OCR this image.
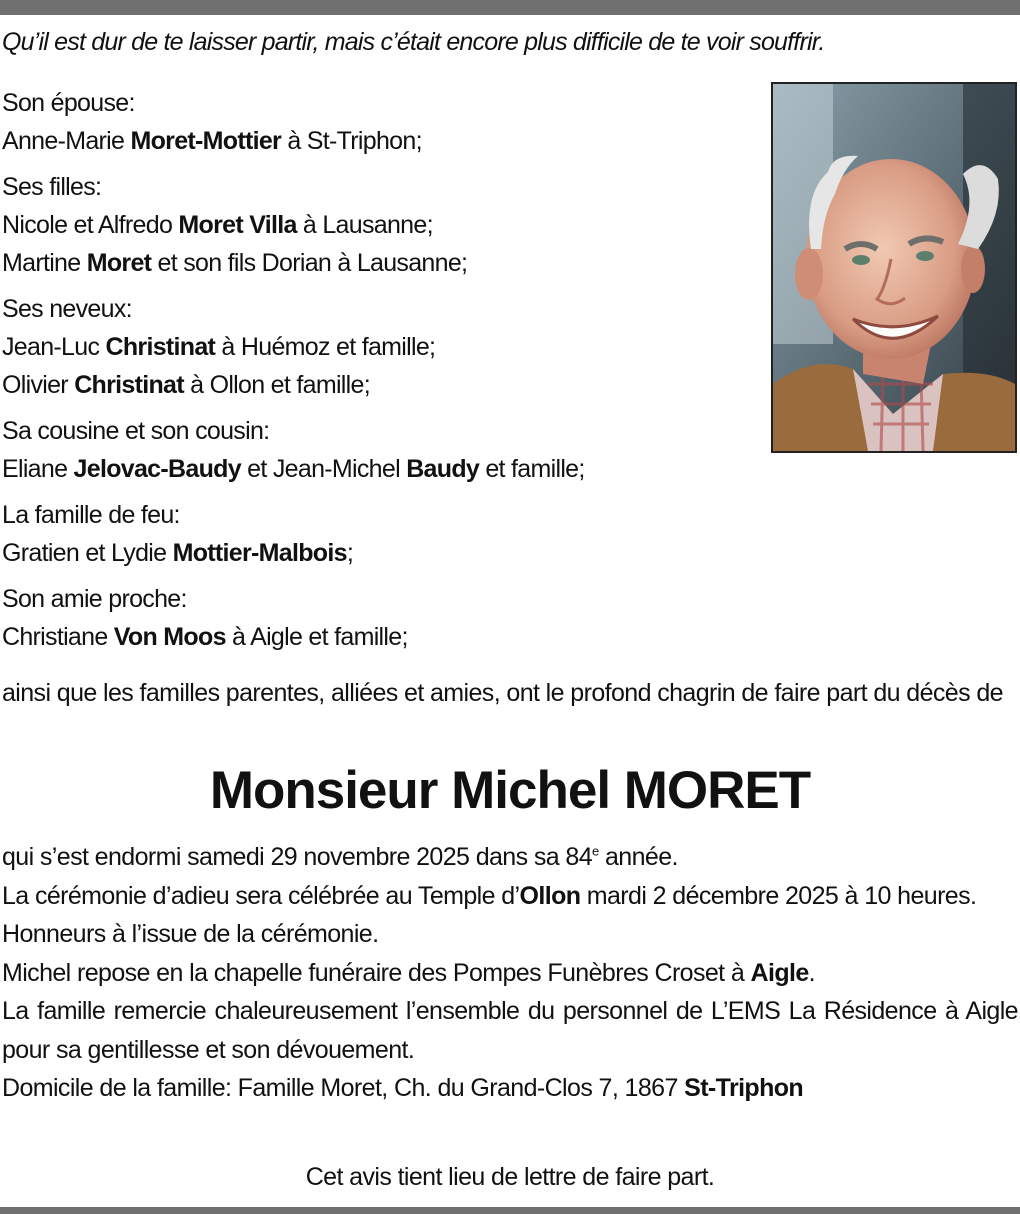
Qu’il est dur de te laisser partir, mais c’était encore plus difficile de te voir souffrir.
Son épouse:
Anne-Marie Moret-Mottier à St-Triphon;
Ses filles:
Nicole et Alfredo Moret Villa à Lausanne;
Martine Moret et son fils Dorian à Lausanne;
Ses neveux:
Jean-Luc Christinat à Huémoz et famille;
Olivier Christinat à Ollon et famille;
Sa cousine et son cousin:
Eliane Jelovac-Baudy et Jean-Michel Baudy et famille;
La famille de feu:
Gratien et Lydie Mottier-Malbois;
Son amie proche:
Christiane Von Moos à Aigle et famille;
ainsi que les familles parentes, alliées et amies, ont le profond chagrin de faire part du décès de
Monsieur Michel MORET
qui s’est endormi samedi 29 novembre 2025 dans sa 84e année.
La cérémonie d’adieu sera célébrée au Temple d’Ollon mardi 2 décembre 2025 à 10 heures.
Honneurs à l’issue de la cérémonie.
Michel repose en la chapelle funéraire des Pompes Funèbres Croset à Aigle.
La famille remercie chaleureusement l’ensemble du personnel de L’EMS La Résidence à Aigle pour sa gentillesse et son dévouement.
Domicile de la famille: Famille Moret, Ch. du Grand-Clos 7, 1867 St-Triphon
Cet avis tient lieu de lettre de faire part.
